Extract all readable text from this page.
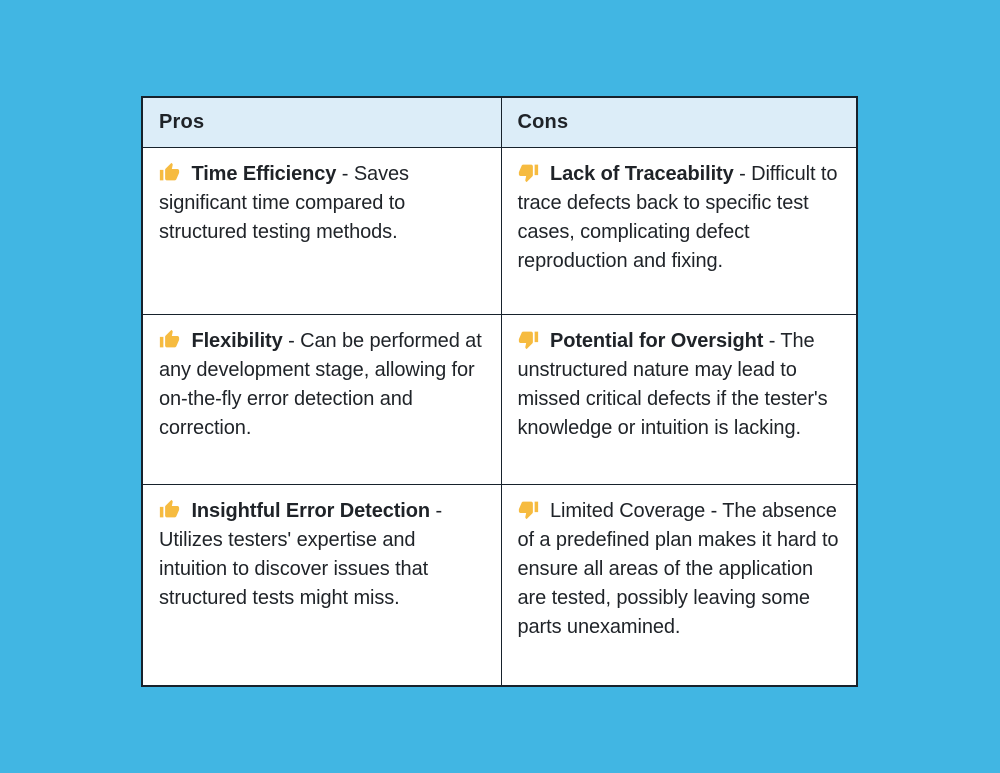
Pros	Cons

Time Efficiency - Saves significant time compared to structured testing methods.	Lack of Traceability - Difficult to trace defects back to specific test cases, complicating defect reproduction and fixing.

Flexibility - Can be performed at any development stage, allowing for on-the-fly error detection and correction.	Potential for Oversight - The unstructured nature may lead to missed critical defects if the tester's knowledge or intuition is lacking.

Insightful Error Detection - Utilizes testers' expertise and intuition to discover issues that structured tests might miss.	Limited Coverage - The absence of a predefined plan makes it hard to ensure all areas of the application are tested, possibly leaving some parts unexamined.
